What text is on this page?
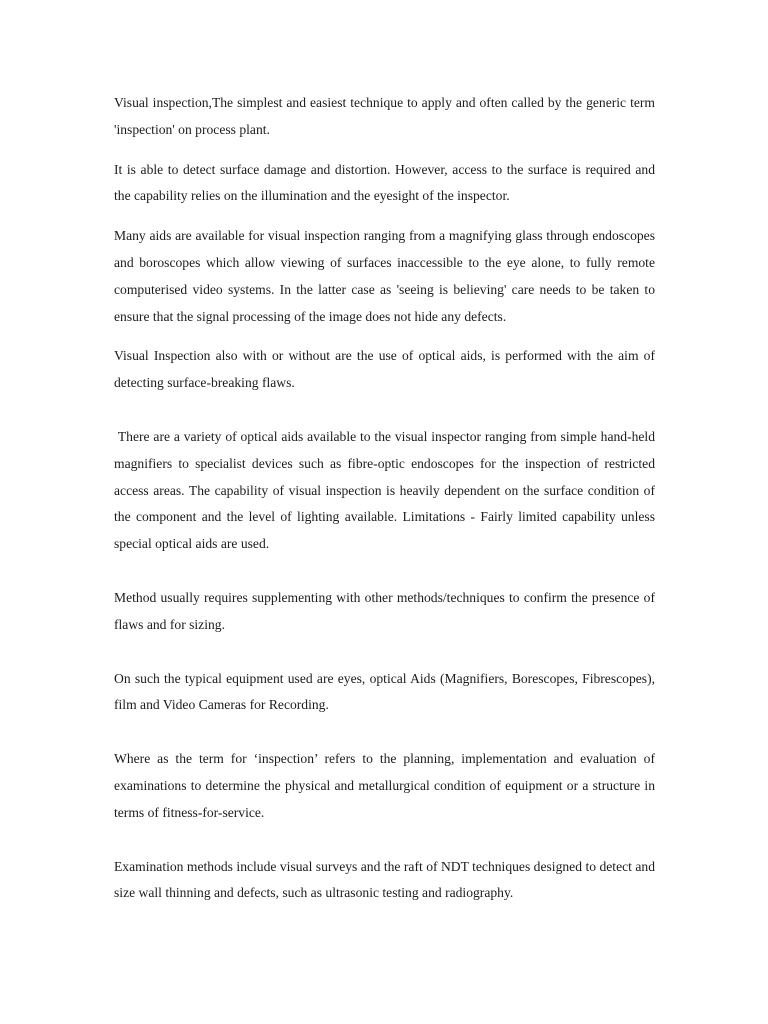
Visual inspection,The simplest and easiest technique to apply and often called by the generic term 'inspection' on process plant.

It is able to detect surface damage and distortion. However, access to the surface is required and the capability relies on the illumination and the eyesight of the inspector.

Many aids are available for visual inspection ranging from a magnifying glass through endoscopes and boroscopes which allow viewing of surfaces inaccessible to the eye alone, to fully remote computerised video systems. In the latter case as 'seeing is believing' care needs to be taken to ensure that the signal processing of the image does not hide any defects.

Visual Inspection also with or without are the use of optical aids, is performed with the aim of detecting surface-breaking flaws.

There are a variety of optical aids available to the visual inspector ranging from simple hand-held magnifiers to specialist devices such as fibre-optic endoscopes for the inspection of restricted access areas. The capability of visual inspection is heavily dependent on the surface condition of the component and the level of lighting available. Limitations - Fairly limited capability unless special optical aids are used.

Method usually requires supplementing with other methods/techniques to confirm the presence of flaws and for sizing.

On such the typical equipment used are eyes, optical Aids (Magnifiers, Borescopes, Fibrescopes), film and Video Cameras for Recording.

Where as the term for ‘inspection’ refers to the planning, implementation and evaluation of examinations to determine the physical and metallurgical condition of equipment or a structure in terms of fitness-for-service.

Examination methods include visual surveys and the raft of NDT techniques designed to detect and size wall thinning and defects, such as ultrasonic testing and radiography.
